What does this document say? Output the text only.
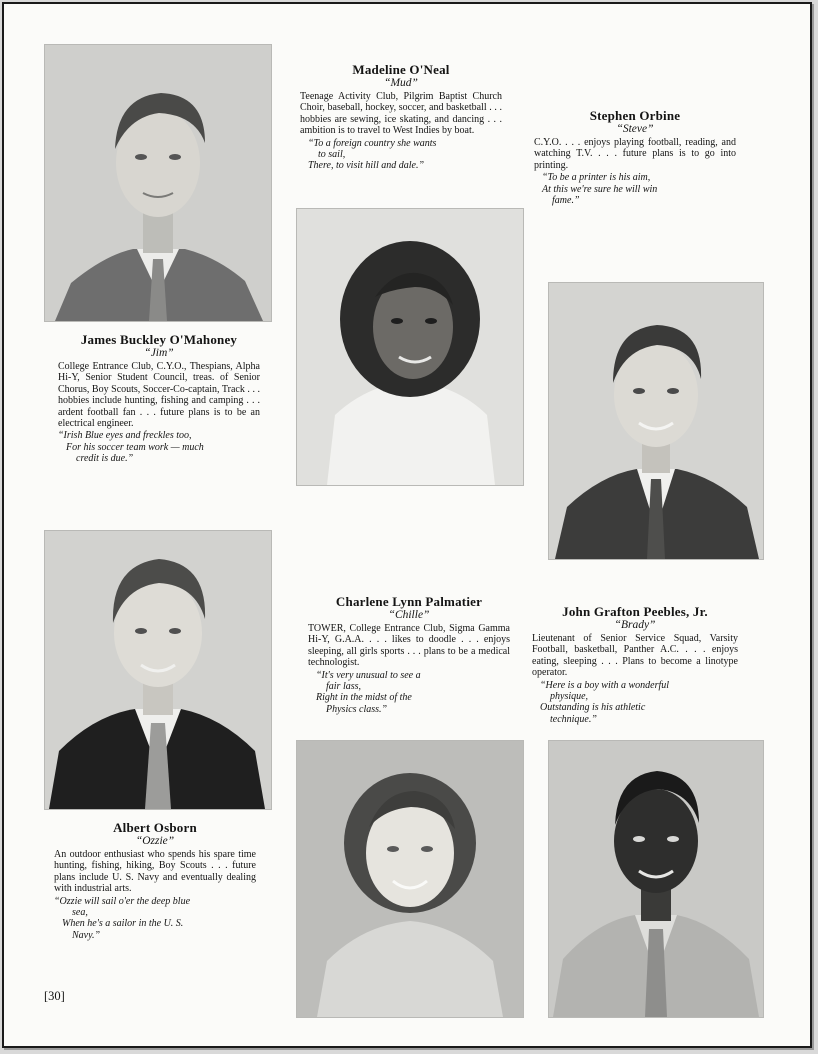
James Buckley O'Mahoney
“Jim”
College Entrance Club, C.Y.O., Thespians, Alpha Hi-Y, Senior Student Council, treas. of Senior Chorus, Boy Scouts, Soccer-Co-captain, Track . . . hobbies include hunting, fishing and camping . . . ardent football fan . . . future plans is to be an electrical engineer.
“Irish Blue eyes and freckles too,
For his soccer team work — much
credit is due.”
Madeline O'Neal
“Mud”
Teenage Activity Club, Pilgrim Baptist Church Choir, baseball, hockey, soccer, and basketball . . . hobbies are sewing, ice skating, and dancing . . . ambition is to travel to West Indies by boat.
“To a foreign country she wants
to sail,
There, to visit hill and dale.”
Stephen Orbine
“Steve”
C.Y.O. . . . enjoys playing football, reading, and watching T.V. . . . future plans is to go into printing.
“To be a printer is his aim,
At this we're sure he will win
fame.”
Albert Osborn
“Ozzie”
An outdoor enthusiast who spends his spare time hunting, fishing, hiking, Boy Scouts . . . future plans include U. S. Navy and eventually dealing with industrial arts.
“Ozzie will sail o'er the deep blue
sea,
When he's a sailor in the U. S.
Navy.”
Charlene Lynn Palmatier
“Chille”
TOWER, College Entrance Club, Sigma Gamma Hi-Y, G.A.A. . . . likes to doodle . . . enjoys sleeping, all girls sports . . . plans to be a medical technologist.
“It's very unusual to see a
fair lass,
Right in the midst of the
Physics class.”
John Grafton Peebles, Jr.
“Brady”
Lieutenant of Senior Service Squad, Varsity Football, basketball, Panther A.C. . . . enjoys eating, sleeping . . . Plans to become a linotype operator.
“Here is a boy with a wonderful
physique,
Outstanding is his athletic
technique.”
[30]
